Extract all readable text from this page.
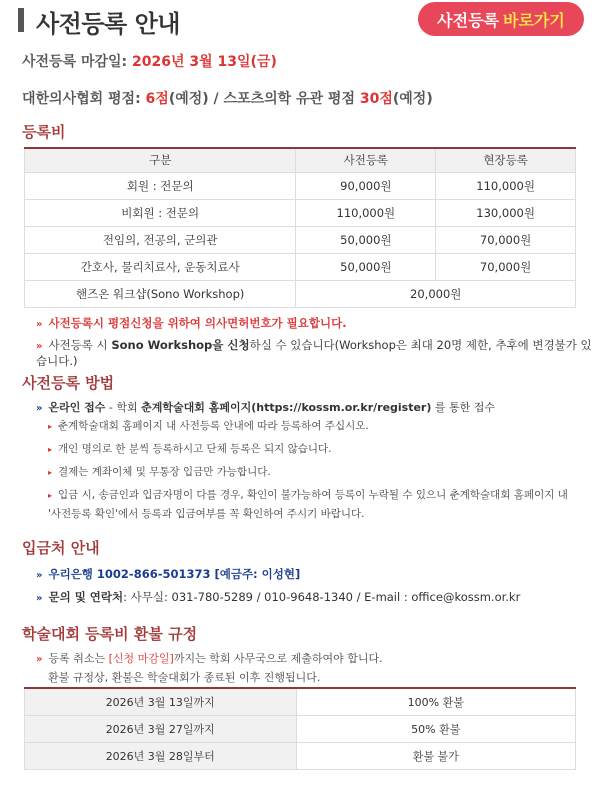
사전등록 안내	사전등록 바로가기
사전등록 마감일: 2026년 3월 13일(금)
대한의사협회 평점: 6점(예정) / 스포츠의학 유관 평점 30점(예정)
등록비
구분	사전등록	현장등록
회원 : 전문의	90,000원	110,000원
비회원 : 전문의	110,000원	130,000원
전임의, 전공의, 군의관	50,000원	70,000원
간호사, 물리치료사, 운동치료사	50,000원	70,000원
핸즈온 워크샵(Sono Workshop)	20,000원	
» 사전등록시 평점신청을 위하여 의사면허번호가 필요합니다.
» 사전등록 시 Sono Workshop을 신청하실 수 있습니다(Workshop은 최대 20명 제한, 추후에 변경불가 있습니다.)
사전등록 방법
» 온라인 접수 - 학회 춘계학술대회 홈페이지(https://kossm.or.kr/register) 를 통한 접수
▸ 춘계학술대회 홈페이지 내 사전등록 안내에 따라 등록하여 주십시오.
▸ 개인 명의로 한 분씩 등록하시고 단체 등록은 되지 않습니다.
▸ 결제는 계좌이체 및 무통장 입금만 가능합니다.
▸ 입금 시, 송금인과 입금자명이 다를 경우, 확인이 불가능하여 등록이 누락될 수 있으니 춘계학술대회 홈페이지 내 '사전등록 확인'에서 등록과 입금여부를 꼭 확인하여 주시기 바랍니다.
입금처 안내
» 우리은행 1002-866-501373 [예금주: 이성현]
» 문의 및 연락처: 사무실: 031-780-5289 / 010-9648-1340 / E-mail : office@kossm.or.kr
학술대회 등록비 환불 규정
» 등록 취소는 [신청 마감일]까지는 학회 사무국으로 제출하여야 합니다.
환불 규정상, 환불은 학술대회가 종료된 이후 진행됩니다.
2026년 3월 13일까지	100% 환불
2026년 3월 27일까지	50% 환불
2026년 3월 28일부터	환불 불가
